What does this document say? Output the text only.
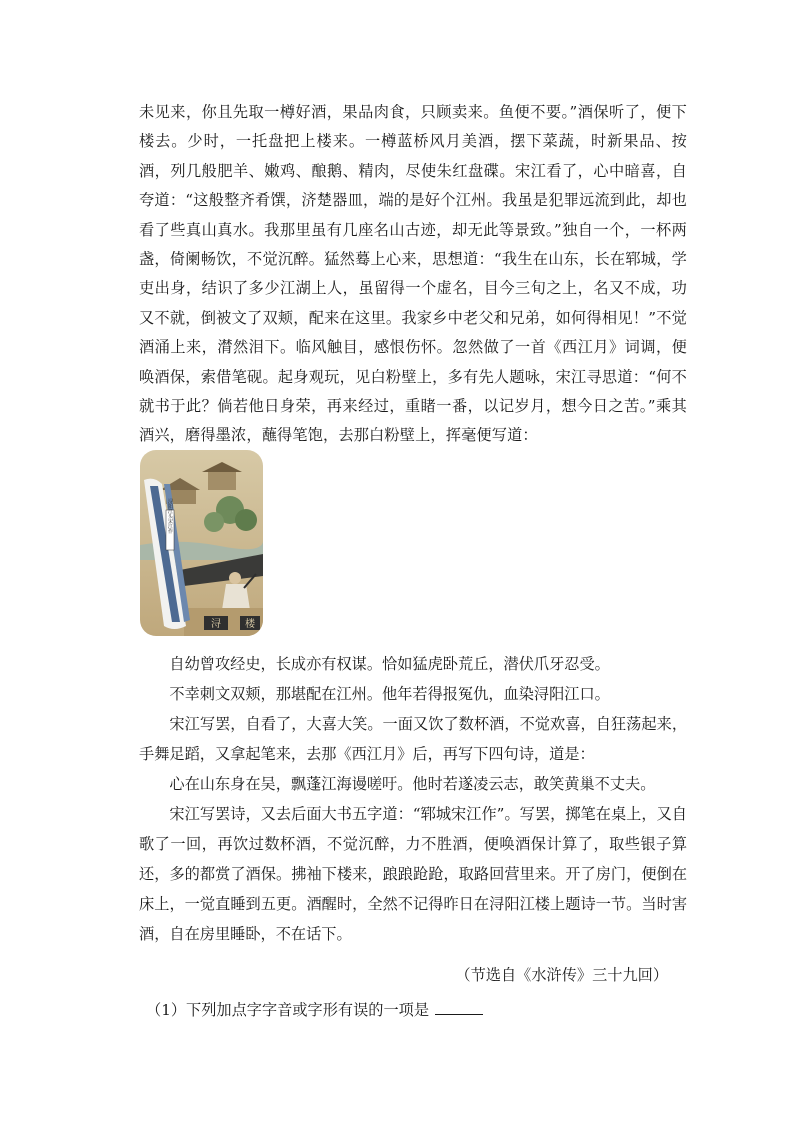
未见来，你且先取一樽好酒，果品肉食，只顾卖来。鱼便不要。”酒保听了，便下楼去。少时，一托盘把上楼来。一樽蓝桥风月美酒，摆下菜蔬，时新果品、按酒，列几般肥羊、嫩鸡、酿鹅、精肉，尽使朱红盘碟。宋江看了，心中暗喜，自夸道：“这般整齐肴馔，济楚器皿，端的是好个江州。我虽是犯罪远流到此，却也看了些真山真水。我那里虽有几座名山古迹，却无此等景致。”独自一个，一杯两盏，倚阑畅饮，不觉沉醉。猛然蓦上心来，思想道：“我生在山东，长在郓城，学吏出身，结识了多少江湖上人，虽留得一个虚名，目今三旬之上，名又不成，功又不就，倒被文了双颊，配来在这里。我家乡中老父和兄弟，如何得相见！”不觉酒涌上来，潸然泪下。临风触目，感恨伤怀。忽然做了一首《西江月》词调，便唤酒保，索借笔砚。起身观玩，见白粉壁上，多有先人题咏，宋江寻思道：“何不就书于此？倘若他日身荣，再来经过，重睹一番，以记岁月，想今日之苦。”乘其酒兴，磨得墨浓，蘸得笔饱，去那白粉壁上，挥毫便写道：

浔 楼
浔阳江头宋江作

自幼曾攻经史，长成亦有权谋。恰如猛虎卧荒丘，潜伏爪牙忍受。

不幸刺文双颊，那堪配在江州。他年若得报冤仇，血染浔阳江口。

宋江写罢，自看了，大喜大笑。一面又饮了数杯酒，不觉欢喜，自狂荡起来，手舞足蹈，又拿起笔来，去那《西江月》后，再写下四句诗，道是：

心在山东身在吴，飘蓬江海谩嗟吁。他时若遂凌云志，敢笑黄巢不丈夫。

宋江写罢诗，又去后面大书五字道：“郓城宋江作”。写罢，掷笔在桌上，又自歌了一回，再饮过数杯酒，不觉沉醉，力不胜酒，便唤酒保计算了，取些银子算还，多的都赏了酒保。拂袖下楼来，踉踉跄跄，取路回营里来。开了房门，便倒在床上，一觉直睡到五更。酒醒时，全然不记得昨日在浔阳江楼上题诗一节。当时害酒，自在房里睡卧，不在话下。

（节选自《水浒传》三十九回）
（1）下列加点字字音或字形有误的一项是
